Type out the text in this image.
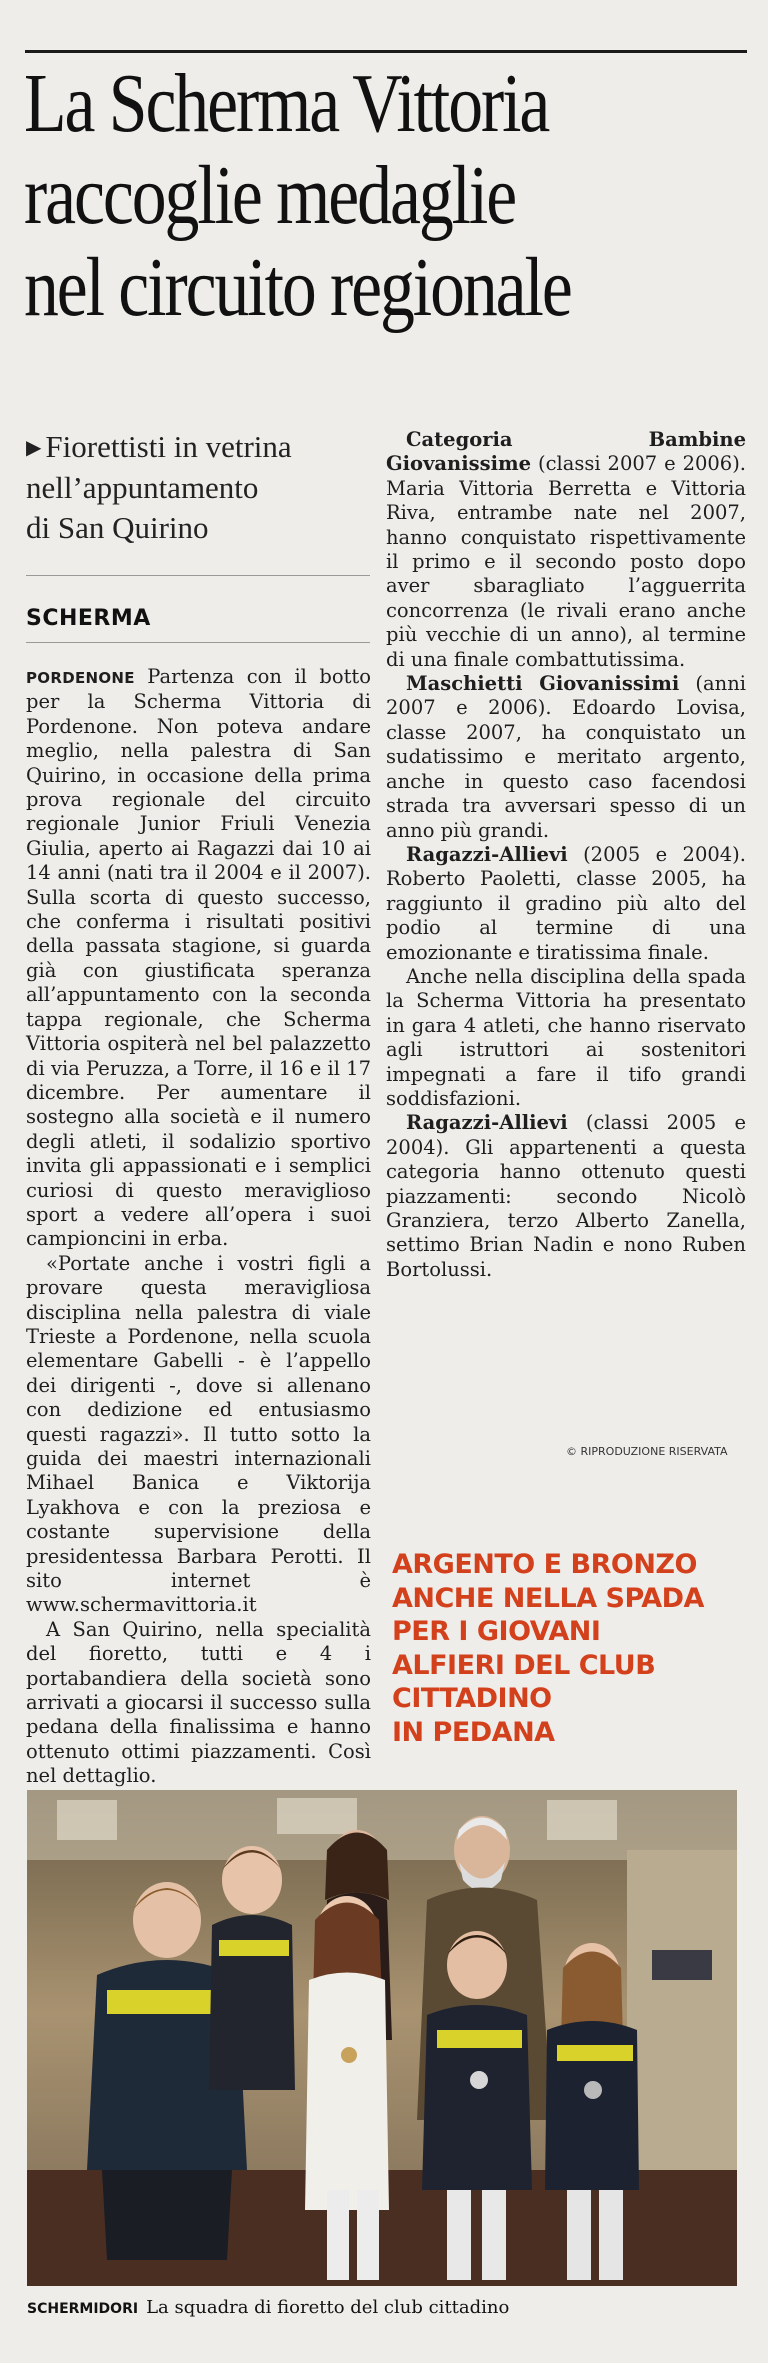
La Scherma Vittoria
raccoglie medaglie
nel circuito regionale
▶ Fiorettisti in vetrina
nell’appuntamento
di San Quirino
SCHERMA

PORDENONE Partenza con il botto per la Scherma Vittoria di Pordenone. Non poteva andare meglio, nella palestra di San Quirino, in occasione della prima prova regionale del circuito regionale Junior Friuli Venezia Giulia, aperto ai Ragazzi dai 10 ai 14 anni (nati tra il 2004 e il 2007). Sulla scorta di questo successo, che conferma i risultati positivi della passata stagione, si guarda già con giustificata speranza all’appuntamento con la seconda tappa regionale, che Scherma Vittoria ospiterà nel bel palazzetto di via Peruzza, a Torre, il 16 e il 17 dicembre. Per aumentare il sostegno alla società e il numero degli atleti, il sodalizio sportivo invita gli appassionati e i semplici curiosi di questo meraviglioso sport a vedere all’opera i suoi campioncini in erba.

«Portate anche i vostri figli a provare questa meravigliosa disciplina nella palestra di viale Trieste a Pordenone, nella scuola elementare Gabelli - è l’appello dei dirigenti -, dove si allenano con dedizione ed entusiasmo questi ragazzi». Il tutto sotto la guida dei maestri internazionali Mihael Banica e Viktorija Lyakhova e con la preziosa e costante supervisione della presidentessa Barbara Perotti. Il sito internet è www.schermavittoria.it

A San Quirino, nella specialità del fioretto, tutti e 4 i portabandiera della società sono arrivati a giocarsi il successo sulla pedana della finalissima e hanno ottenuto ottimi piazzamenti. Così nel dettaglio.

Categoria Bambine Giovanissime (classi 2007 e 2006). Maria Vittoria Berretta e Vittoria Riva, entrambe nate nel 2007, hanno conquistato rispettivamente il primo e il secondo posto dopo aver sbaragliato l’agguerrita concorrenza (le rivali erano anche più vecchie di un anno), al termine di una finale combattutissima.

Maschietti Giovanissimi (anni 2007 e 2006). Edoardo Lovisa, classe 2007, ha conquistato un sudatissimo e meritato argento, anche in questo caso facendosi strada tra avversari spesso di un anno più grandi.

Ragazzi-Allievi (2005 e 2004). Roberto Paoletti, classe 2005, ha raggiunto il gradino più alto del podio al termine di una emozionante e tiratissima finale.

Anche nella disciplina della spada la Scherma Vittoria ha presentato in gara 4 atleti, che hanno riservato agli istruttori ai sostenitori impegnati a fare il tifo grandi soddisfazioni.

Ragazzi-Allievi (classi 2005 e 2004). Gli appartenenti a questa categoria hanno ottenuto questi piazzamenti: secondo Nicolò Granziera, terzo Alberto Zanella, settimo Brian Nadin e nono Ruben Bortolussi.

© RIPRODUZIONE RISERVATA
ARGENTO E BRONZO
ANCHE NELLA SPADA
PER I GIOVANI
ALFIERI DEL CLUB
CITTADINO
IN PEDANA
SCHERMIDORI La squadra di fioretto del club cittadino
